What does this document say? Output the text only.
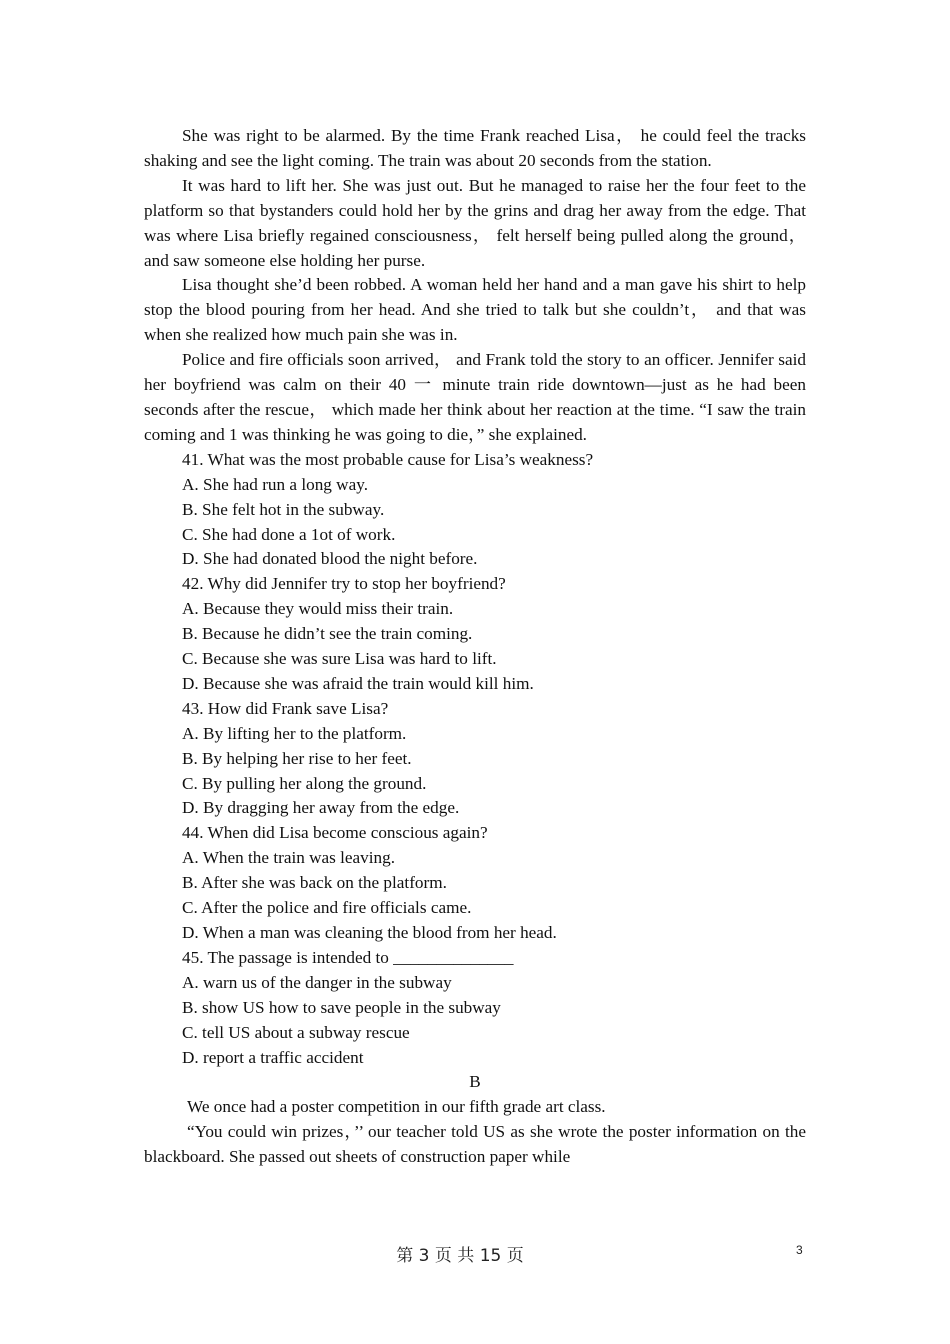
She was right to be alarmed. By the time Frank reached Lisa， he could feel the tracks shaking and see the light coming. The train was about 20 seconds from the station.

It was hard to lift her. She was just out. But he managed to raise her the four feet to the platform so that bystanders could hold her by the grins and drag her away from the edge. That was where Lisa briefly regained consciousness， felt herself being pulled along the ground， and saw someone else holding her purse.

Lisa thought she’d been robbed. A woman held her hand and a man gave his shirt to help stop the blood pouring from her head. And she tried to talk but she couldn’t， and that was when she realized how much pain she was in.

Police and fire officials soon arrived， and Frank told the story to an officer. Jennifer said her boyfriend was calm on their 40 一 minute train ride downtown—just as he had been seconds after the rescue， which made her think about her reaction at the time. “I saw the train coming and 1 was thinking he was going to die，” she explained.

41. What was the most probable cause for Lisa’s weakness?

A. She had run a long way.

B. She felt hot in the subway.

C. She had done a 1ot of work.

D. She had donated blood the night before.

42. Why did Jennifer try to stop her boyfriend?

A. Because they would miss their train.

B. Because he didn’t see the train coming.

C. Because she was sure Lisa was hard to lift.

D. Because she was afraid the train would kill him.

43. How did Frank save Lisa?

A. By lifting her to the platform.

B. By helping her rise to her feet.

C. By pulling her along the ground.

D. By dragging her away from the edge.

44. When did Lisa become conscious again?

A. When the train was leaving.

B. After she was back on the platform.

C. After the police and fire officials came.

D. When a man was cleaning the blood from her head.

45. The passage is intended to ______________

A. warn us of the danger in the subway

B. show US how to save people in the subway

C. tell US about a subway rescue

D. report a traffic accident

B

We once had a poster competition in our fifth grade art class.

“You could win prizes，’’ our teacher told US as she wrote the poster information on the blackboard. She passed out sheets of construction paper while

第 3 页 共 15 页	3
